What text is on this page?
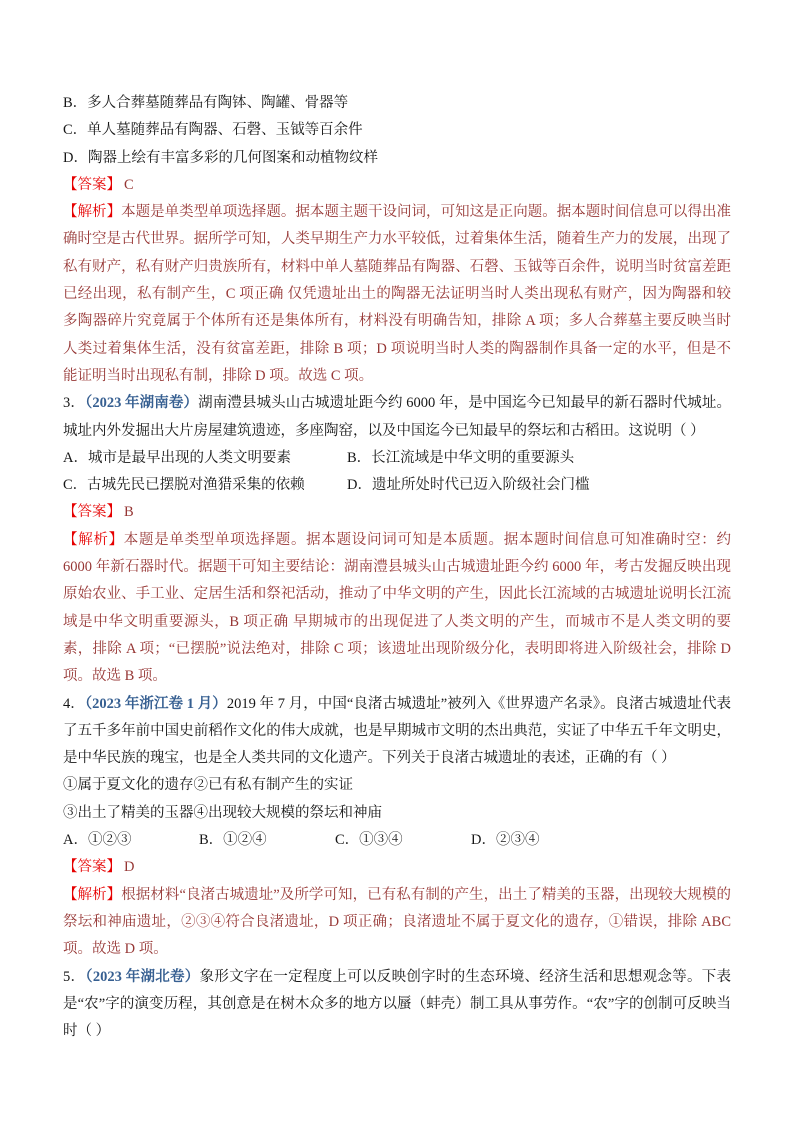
B．多人合葬墓随葬品有陶钵、陶罐、骨器等

C．单人墓随葬品有陶器、石磬、玉钺等百余件

D．陶器上绘有丰富多彩的几何图案和动植物纹样

【答案】 C

【解析】本题是单类型单项选择题。据本题主题干设问词，可知这是正向题。据本题时间信息可以得出准确时空是古代世界。据所学可知，人类早期生产力水平较低，过着集体生活，随着生产力的发展，出现了私有财产，私有财产归贵族所有，材料中单人墓随葬品有陶器、石磬、玉钺等百余件，说明当时贫富差距已经出现，私有制产生，C 项正确 仅凭遗址出土的陶器无法证明当时人类出现私有财产，因为陶器和较多陶器碎片究竟属于个体所有还是集体所有，材料没有明确告知，排除 A 项；多人合葬墓主要反映当时人类过着集体生活，没有贫富差距，排除 B 项；D 项说明当时人类的陶器制作具备一定的水平，但是不能证明当时出现私有制，排除 D 项。故选 C 项。

3．（2023 年湖南卷）湖南澧县城头山古城遗址距今约 6000 年，是中国迄今已知最早的新石器时代城址。城址内外发掘出大片房屋建筑遗迹，多座陶窑，以及中国迄今已知最早的祭坛和古稻田。这说明（ ）

A．城市是最早出现的人类文明要素	B．长江流域是中华文明的重要源头

C．古城先民已摆脱对渔猎采集的依赖	D．遗址所处时代已迈入阶级社会门槛

【答案】 B

【解析】本题是单类型单项选择题。据本题设问词可知是本质题。据本题时间信息可知准确时空：约 6000 年新石器时代。据题干可知主要结论：湖南澧县城头山古城遗址距今约 6000 年，考古发掘反映出现原始农业、手工业、定居生活和祭祀活动，推动了中华文明的产生，因此长江流域的古城遗址说明长江流域是中华文明重要源头，B 项正确 早期城市的出现促进了人类文明的产生，而城市不是人类文明的要素，排除 A 项；“已摆脱”说法绝对，排除 C 项；该遗址出现阶级分化，表明即将进入阶级社会，排除 D 项。故选 B 项。

4．（2023 年浙江卷 1 月）2019 年 7 月，中国“良渚古城遗址”被列入《世界遗产名录》。良渚古城遗址代表了五千多年前中国史前稻作文化的伟大成就，也是早期城市文明的杰出典范，实证了中华五千年文明史，是中华民族的瑰宝，也是全人类共同的文化遗产。下列关于良渚古城遗址的表述，正确的有（ ）

①属于夏文化的遗存②已有私有制产生的实证

③出土了精美的玉器④出现较大规模的祭坛和神庙

A．①②③	B．①②④	C．①③④	D．②③④

【答案】 D

【解析】根据材料“良渚古城遗址”及所学可知，已有私有制的产生，出土了精美的玉器，出现较大规模的祭坛和神庙遗址，②③④符合良渚遗址，D 项正确；良渚遗址不属于夏文化的遗存，①错误，排除 ABC 项。故选 D 项。

5．（2023 年湖北卷）象形文字在一定程度上可以反映创字时的生态环境、经济生活和思想观念等。下表是“农”字的演变历程，其创意是在树木众多的地方以蜃（蚌壳）制工具从事劳作。“农”字的创制可反映当时（ ）
